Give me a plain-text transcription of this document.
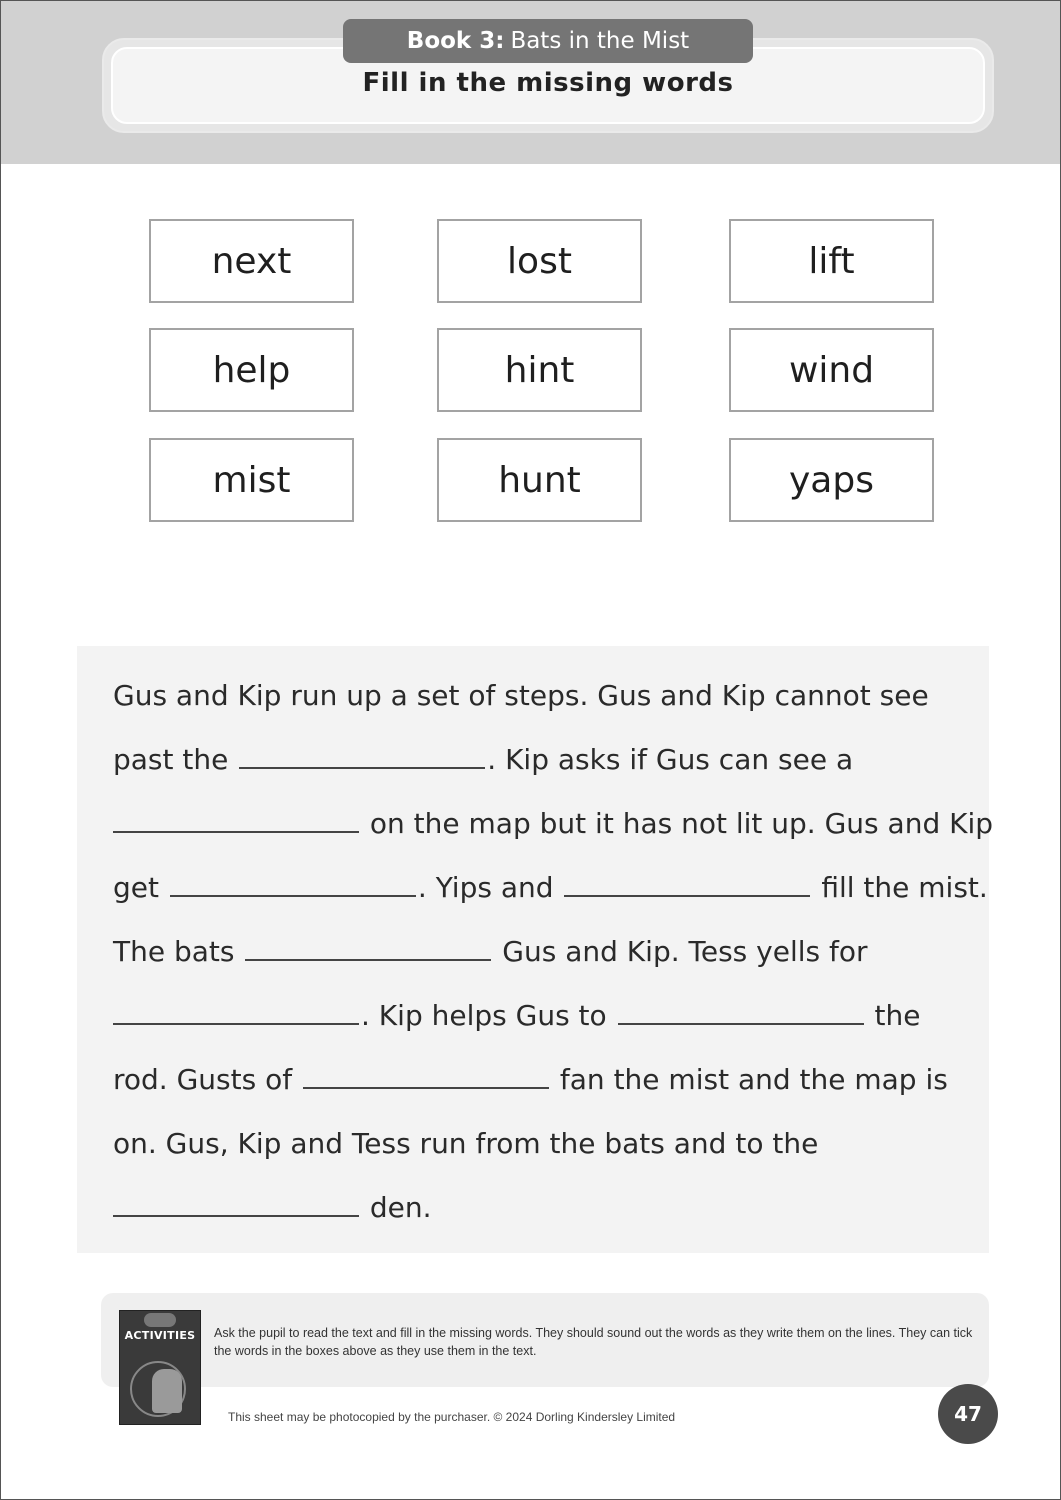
Book 3: Bats in the Mist
Fill in the missing words
next	lost	lift
help	hint	wind
mist	hunt	yaps
Gus and Kip run up a set of steps. Gus and Kip cannot see
past the	. Kip asks if Gus can see a
on the map but it has not lit up. Gus and Kip
get	. Yips and	fill the mist.
The bats	Gus and Kip. Tess yells for
. Kip helps Gus to	the
rod. Gusts of	fan the mist and the map is
on. Gus, Kip and Tess run from the bats and to the
den.
ACTIVITIES	Ask the pupil to read the text and fill in the missing words. They should sound out the words as they write them on the lines. They can tick the words in the boxes above as they use them in the text.
This sheet may be photocopied by the purchaser. © 2024 Dorling Kindersley Limited	47
